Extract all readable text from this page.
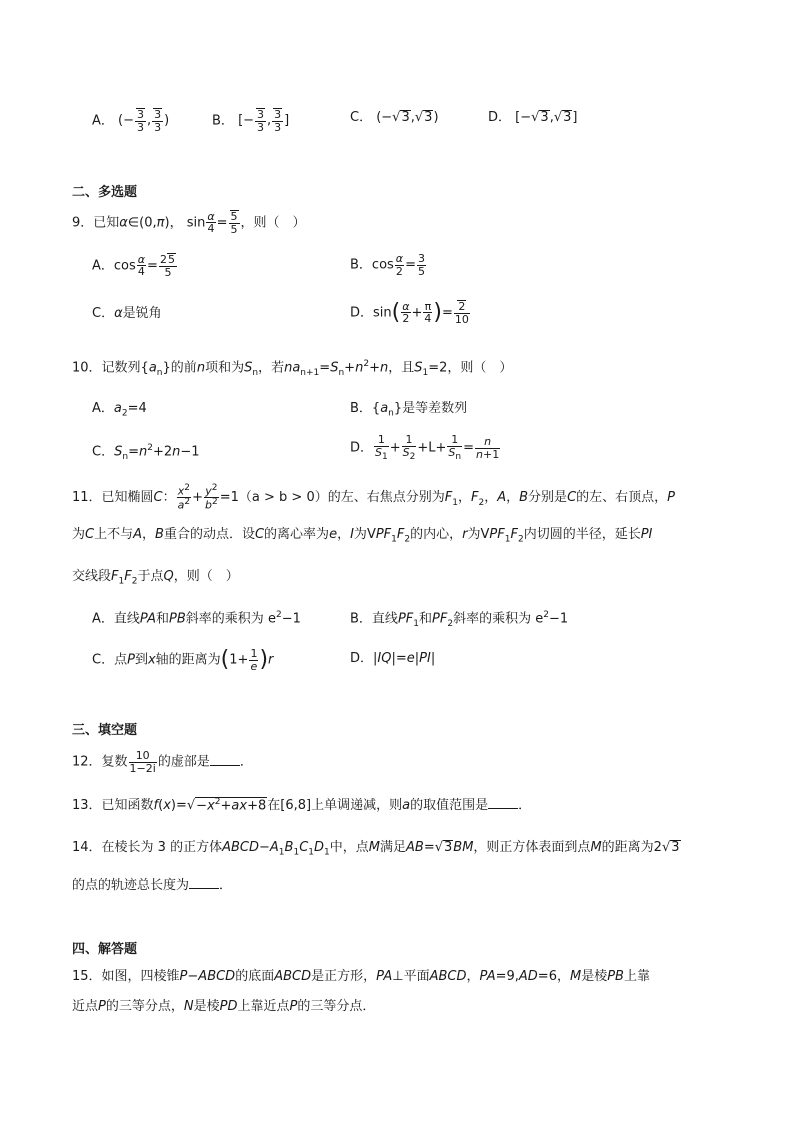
A． (− $\frac{3}{3}$ , $\frac{3}{3}$ )	B． [− $\frac{3}{3}$ , $\frac{3}{3}$ ]	C． (−√3,√3)	D． [−√3,√3]
二、多选题
9．已知α∈(0,π)， $\sin \frac{\alpha}{4} = \frac{5}{5}$ ，则（　）
A．$\cos \frac{\alpha}{4} = \frac{25}{5}$	B．$\cos \frac{\alpha}{2} = \frac{3}{5}$
C．α是锐角	D．$\sin( \frac{\alpha}{2} + \frac{\pi}{4}$ )= $\frac{2}{10}$
10．记数列$\{a_n\}$的前n项和为$S_n$，若$na_{n+1}=S_n+n^2+n$，且$S_1=2$，则（　）
A．$a_2=4$	B．$\{a_n\}$是等差数列
C．$S_n=n^2+2n-1$	D． $\frac{1}{S_1} + \frac{1}{S_2} +L+ \frac{1}{S_n} = \frac{n}{n+1}$
11．已知椭圆C： $\frac{x^2}{a^2} + \frac{y^2}{b^2} =1(a > b > 0)$的左、右焦点分别为$F_1$，$F_2$，A，B分别是C的左、右顶点，P
为C上不与A，B重合的动点．设C的离心率为e，I为$VPF_1F_2$的内心，r为$VPF_1F_2$内切圆的半径，延长PI
交线段$F_1F_2$于点Q，则（　）
A．直线PA和PB斜率的乘积为 $e^2-1$	B．直线$PF_1$和$PF_2$斜率的乘积为 $e^2-1$
C．点P到x轴的距离为$(1+ \frac{1}{e} )r$	D．|IQ|=e|PI|
三、填空题
12．复数 $\frac{10}{1-2i}$ 的虚部是 ．
13．已知函数$f(x)=√-x^2+ax+8$在[6,8]上单调递减，则a的取值范围是 ．
14．在棱长为 3 的正方体$ABCD-A_1B_1C_1D_1$中，点M满足AB=√3BM，则正方体表面到点M的距离为2√3
的点的轨迹总长度为 ．
四、解答题
15．如图，四棱锥P−ABCD的底面ABCD是正方形，PA⊥平面ABCD，PA=9,AD=6，M是棱PB上靠
近点P的三等分点，N是棱PD上靠近点P的三等分点．
